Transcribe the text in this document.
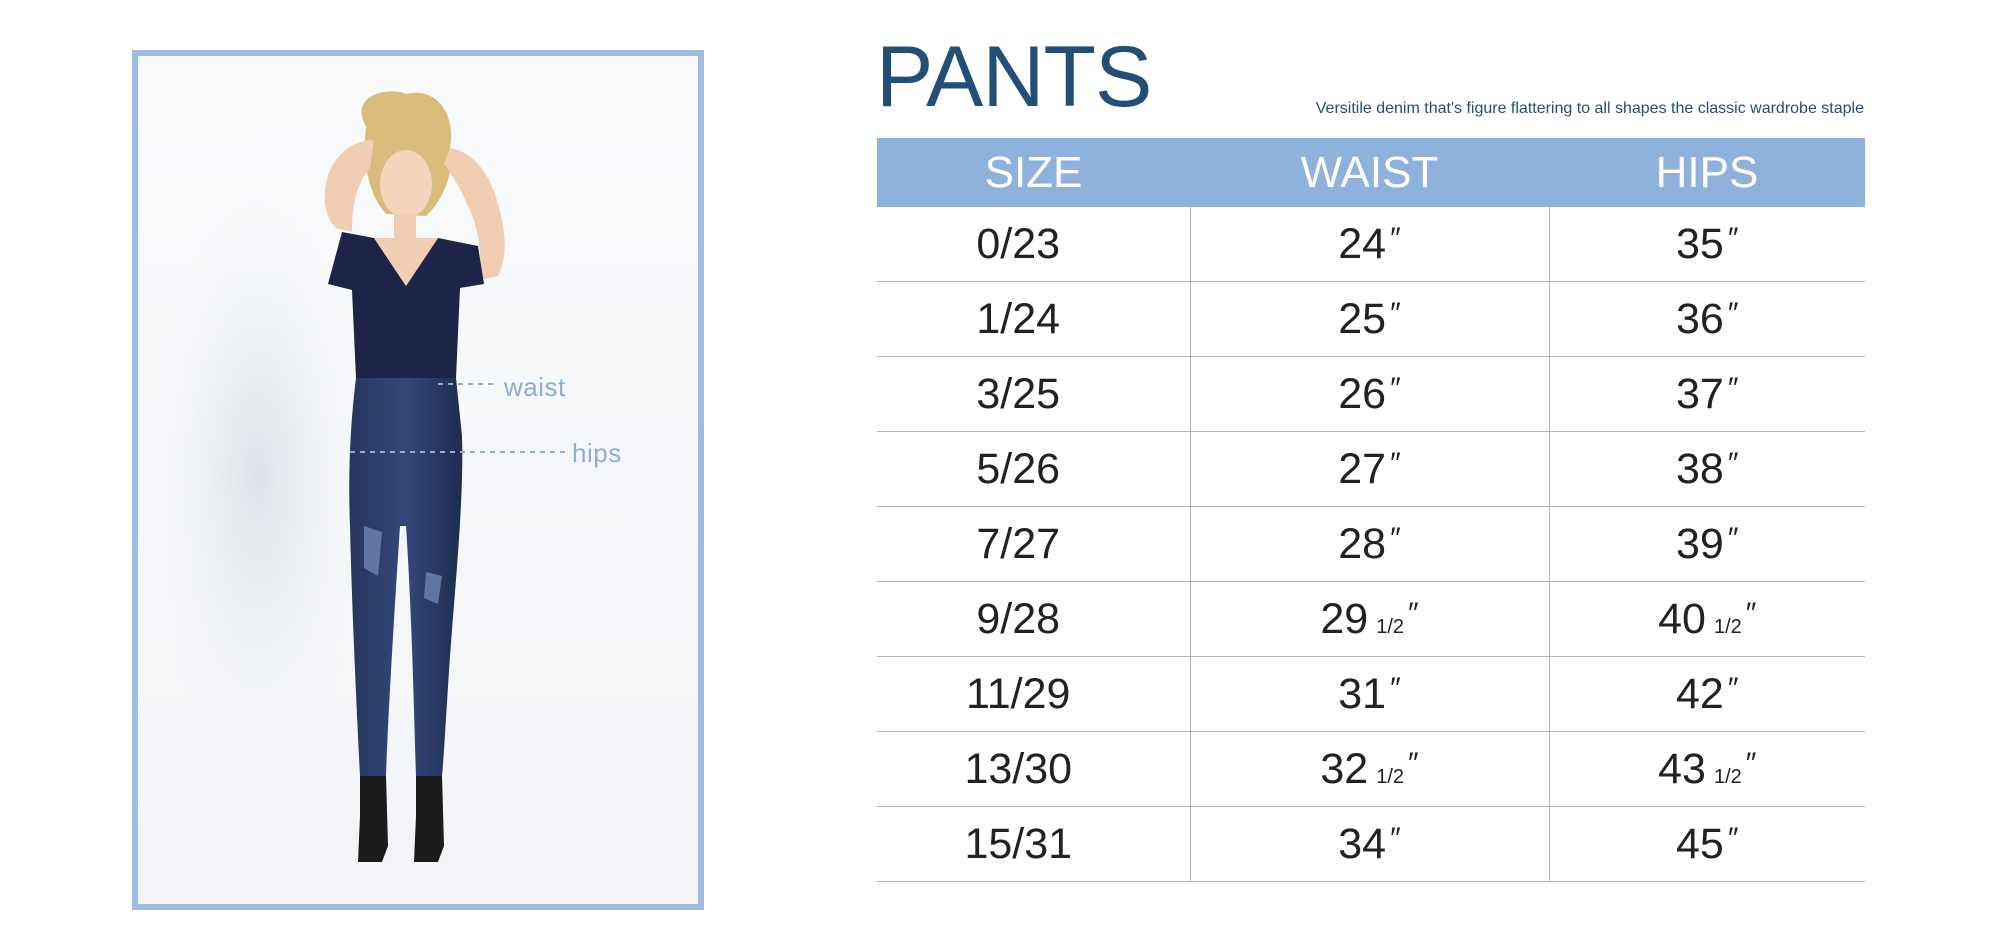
waist
hips
PANTS	Versitile denim that's figure flattering to all shapes the classic wardrobe staple
SIZE	WAIST	HIPS
0/23	24 ″	35 ″
1/24	25 ″	36 ″
3/25	26 ″	37 ″
5/26	27 ″	38 ″
7/27	28 ″	39 ″
9/28	29 1/2 ″	40 1/2 ″
11/29	31 ″	42 ″
13/30	32 1/2 ″	43 1/2 ″
15/31	34 ″	45 ″
